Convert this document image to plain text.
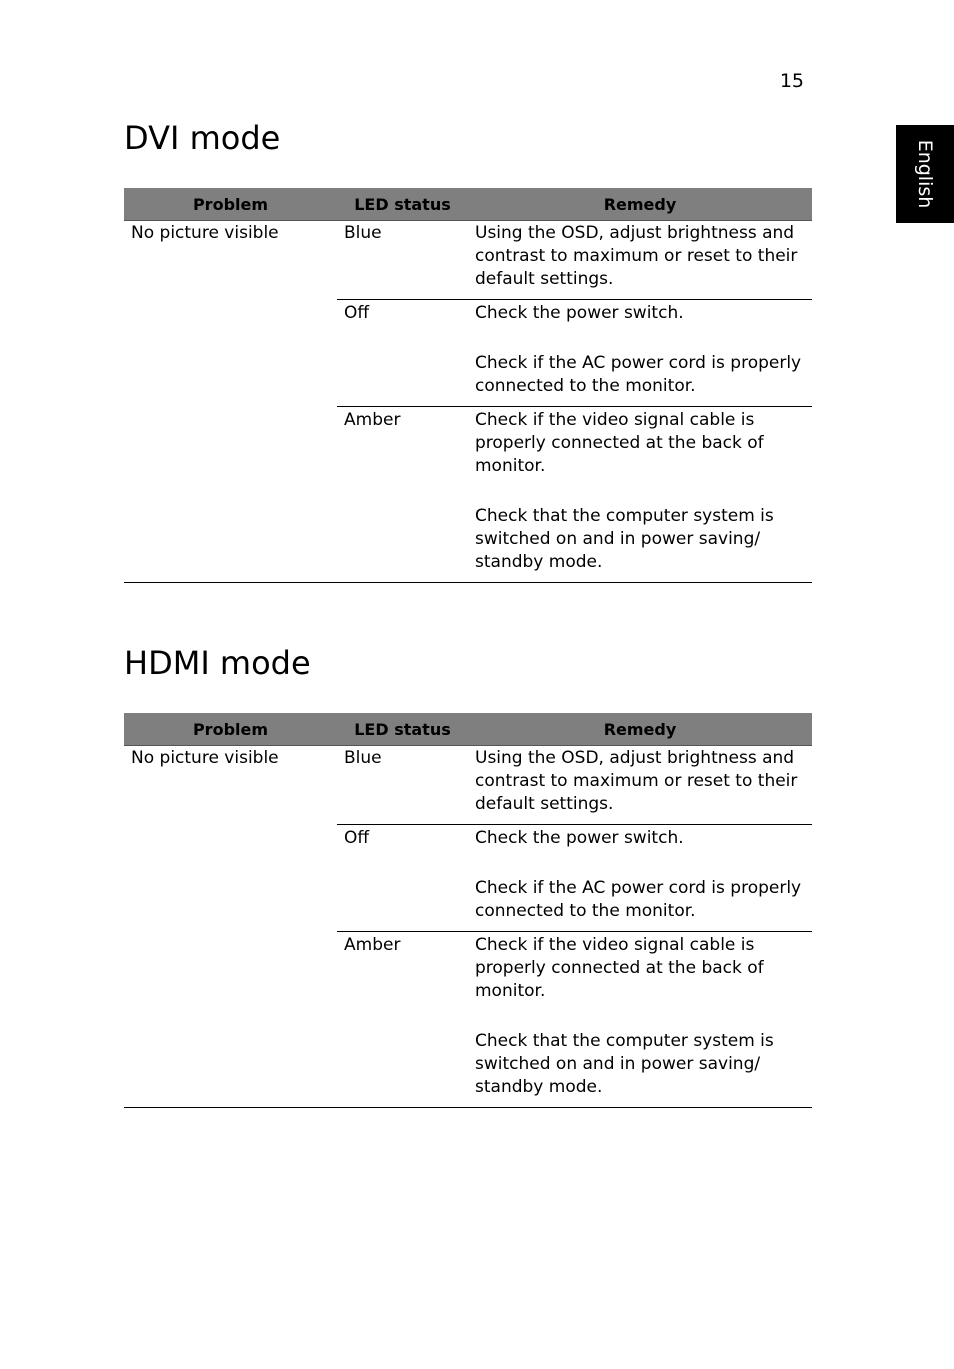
15
English
DVI mode
Problem	LED status	Remedy
No picture visible	Blue	Using the OSD, adjust brightness and contrast to maximum or reset to their default settings.

	Off	Check the power switch.
Check if the AC power cord is properly connected to the monitor.

	Amber	Check if the video signal cable is properly connected at the back of monitor.
Check that the computer system is switched on and in power saving/ standby mode.
HDMI mode
Problem	LED status	Remedy
No picture visible	Blue	Using the OSD, adjust brightness and contrast to maximum or reset to their default settings.

	Off	Check the power switch.
Check if the AC power cord is properly connected to the monitor.

	Amber	Check if the video signal cable is properly connected at the back of monitor.
Check that the computer system is switched on and in power saving/ standby mode.
